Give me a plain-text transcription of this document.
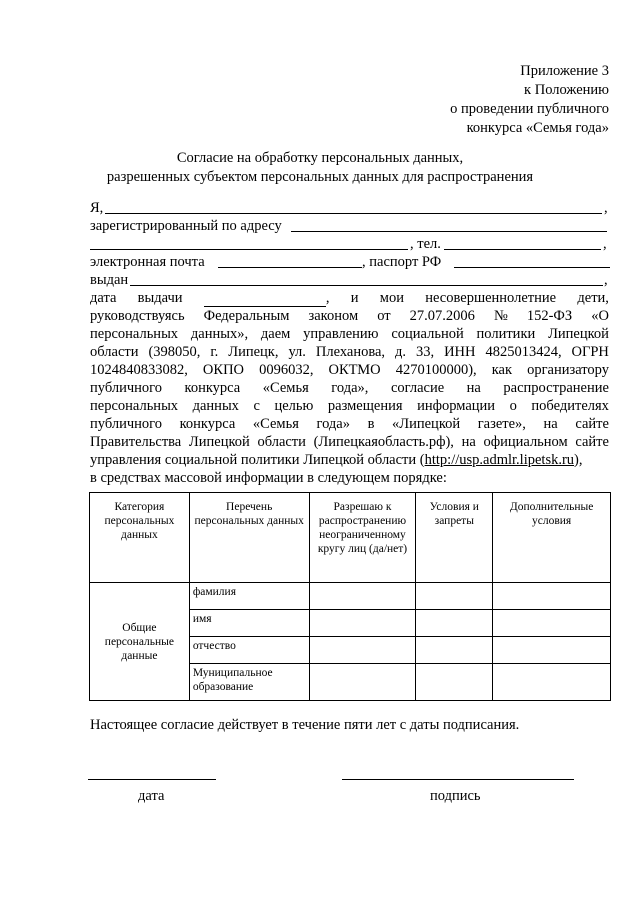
Приложение 3
к Положению
о проведении публичного
конкурса «Семья года»
Согласие на обработку персональных данных,
разрешенных субъектом персональных данных для распространения
Я,	,
зарегистрированный по адресу
, тел.	,
электронная почта	, паспорт РФ
выдан	,
дата выдачи	, и мои несовершеннолетние дети,
руководствуясь Федеральным законом от 27.07.2006 № 152-ФЗ «О
персональных данных», даем управлению социальной политики Липецкой
области (398050, г. Липецк, ул. Плеханова, д. 33, ИНН 4825013424, ОГРН
1024840833082, ОКПО 0096032, ОКТМО 4270100000), как организатору
публичного конкурса «Семья года», согласие на распространение
персональных данных с целью размещения информации о победителях
публичного конкурса «Семья года» в «Липецкой газете», на сайте
Правительства Липецкой области (Липецкаяобласть.рф), на официальном сайте
управления социальной политики Липецкой области ( http://usp.admlr.lipetsk.ru ),
в средствах массовой информации в следующем порядке:
Категория персональных данных	Перечень персональных данных	Разрешаю к распространению неограниченному кругу лиц (да/нет)	Условия и запреты	Дополнительные условия
Общие персональные данные	фамилия			
	имя			
	отчество			
	Муниципальное образование			
Настоящее согласие действует в течение пяти лет с даты подписания.
дата	подпись
